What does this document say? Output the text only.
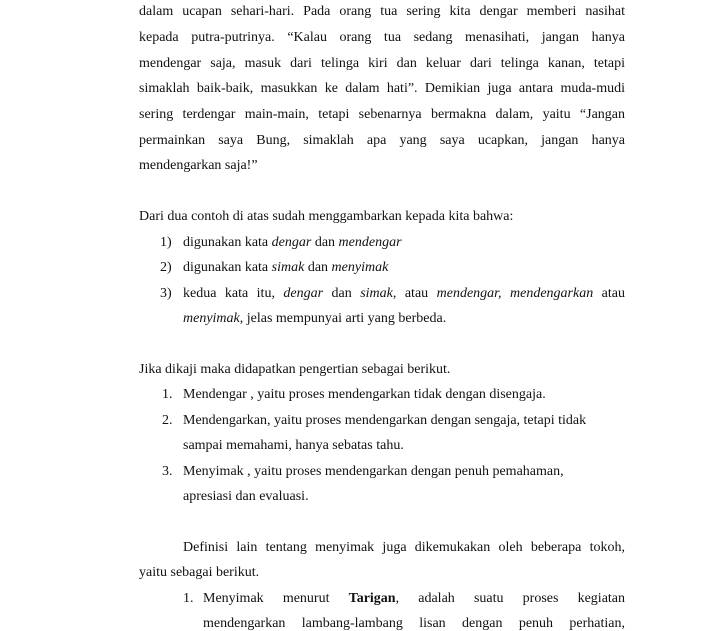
dalam ucapan sehari-hari. Pada orang tua sering kita dengar memberi nasihat
kepada putra-putrinya. “Kalau orang tua sedang menasihati, jangan hanya
mendengar saja, masuk dari telinga kiri dan keluar dari telinga kanan, tetapi
simaklah baik-baik, masukkan ke dalam hati”. Demikian juga antara muda-mudi
sering terdengar main-main, tetapi sebenarnya bermakna dalam, yaitu “Jangan
permainkan saya Bung, simaklah apa yang saya ucapkan, jangan hanya
mendengarkan saja!”
Dari dua contoh di atas sudah menggambarkan kepada kita bahwa:
1) digunakan kata dengar dan mendengar
2) digunakan kata simak dan menyimak
3) kedua kata itu, dengar dan simak, atau mendengar, mendengarkan atau
menyimak, jelas mempunyai arti yang berbeda.
Jika dikaji maka didapatkan pengertian sebagai berikut.
1. Mendengar , yaitu proses mendengarkan tidak dengan disengaja.
2. Mendengarkan, yaitu proses mendengarkan dengan sengaja, tetapi tidak
sampai memahami, hanya sebatas tahu.
3. Menyimak , yaitu proses mendengarkan dengan penuh pemahaman,
apresiasi dan evaluasi.
Definisi lain tentang menyimak juga dikemukakan oleh beberapa tokoh,
yaitu sebagai berikut.
1. Menyimak menurut Tarigan, adalah suatu proses kegiatan
mendengarkan lambang-lambang lisan dengan penuh perhatian,
